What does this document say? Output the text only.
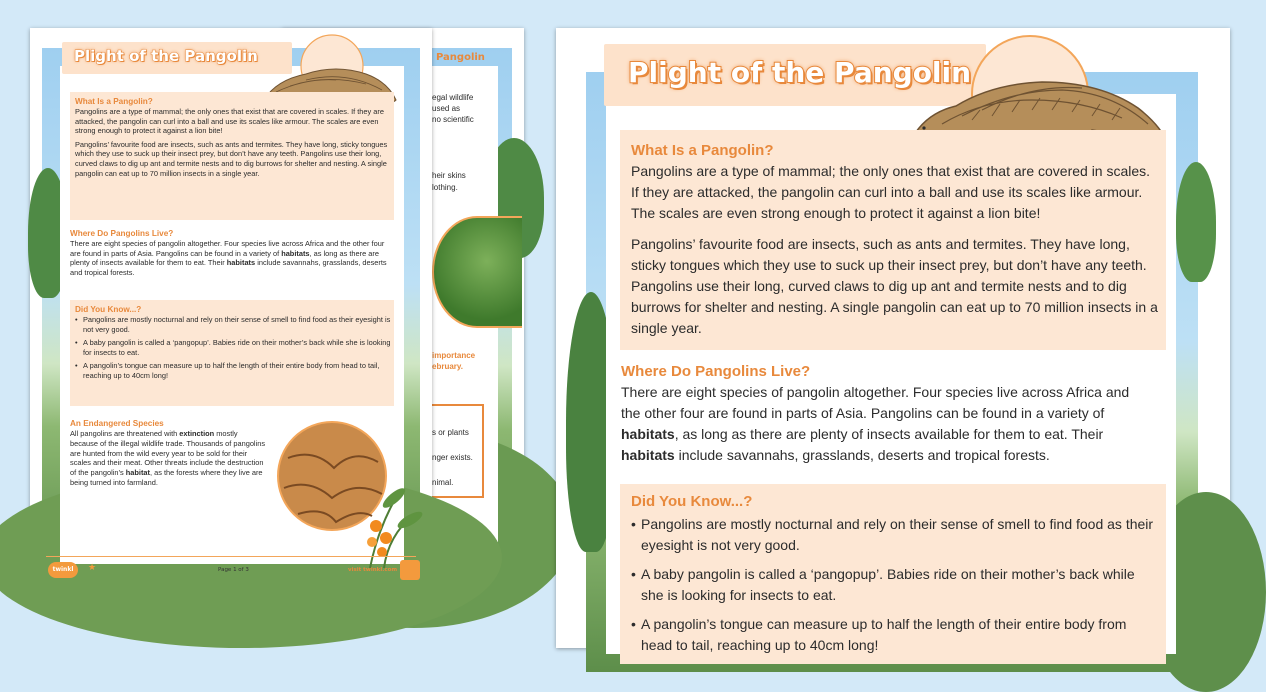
Pangolin
egal wildlife
used as
no scientific
heir skins
lothing.
importance
ebruary.
s or plants
nger exists.
nimal.
Plight of the Pangolin
What Is a Pangolin?
Pangolins are a type of mammal; the only ones that exist that are covered in scales. If they are attacked, the pangolin can curl into a ball and use its scales like armour. The scales are even strong enough to protect it against a lion bite!
Pangolins’ favourite food are insects, such as ants and termites. They have long, sticky tongues which they use to suck up their insect prey, but don’t have any teeth. Pangolins use their long, curved claws to dig up ant and termite nests and to dig burrows for shelter and nesting. A single pangolin can eat up to 70 million insects in a single year.
Where Do Pangolins Live?
There are eight species of pangolin altogether. Four species live across Africa and the other four are found in parts of Asia. Pangolins can be found in a variety of habitats, as long as there are plenty of insects available for them to eat. Their habitats include savannahs, grasslands, deserts and tropical forests.
Did You Know...?
• Pangolins are mostly nocturnal and rely on their sense of smell to find food as their eyesight is not very good.
• A baby pangolin is called a ‘pangopup’. Babies ride on their mother’s back while she is looking for insects to eat.
• A pangolin’s tongue can measure up to half the length of their entire body from head to tail, reaching up to 40cm long!
An Endangered Species
All pangolins are threatened with extinction mostly because of the illegal wildlife trade. Thousands of pangolins are hunted from the wild every year to be sold for their scales and their meat. Other threats include the destruction of the pangolin’s habitat, as the forests where they live are being turned into farmland.
twinkl	★	Page 1 of 3	visit twinkl.com
Plight of the Pangolin
What Is a Pangolin?
Pangolins are a type of mammal; the only ones that exist that are covered in scales. If they are attacked, the pangolin can curl into a ball and use its scales like armour. The scales are even strong enough to protect it against a lion bite!
Pangolins’ favourite food are insects, such as ants and termites. They have long, sticky tongues which they use to suck up their insect prey, but don’t have any teeth. Pangolins use their long, curved claws to dig up ant and termite nests and to dig burrows for shelter and nesting. A single pangolin can eat up to 70 million insects in a single year.
Where Do Pangolins Live?
There are eight species of pangolin altogether. Four species live across Africa and the other four are found in parts of Asia. Pangolins can be found in a variety of habitats, as long as there are plenty of insects available for them to eat. Their habitats include savannahs, grasslands, deserts and tropical forests.
Did You Know...?
• Pangolins are mostly nocturnal and rely on their sense of smell to find food as their eyesight is not very good.
• A baby pangolin is called a ‘pangopup’. Babies ride on their mother’s back while she is looking for insects to eat.
• A pangolin’s tongue can measure up to half the length of their entire body from head to tail, reaching up to 40cm long!
